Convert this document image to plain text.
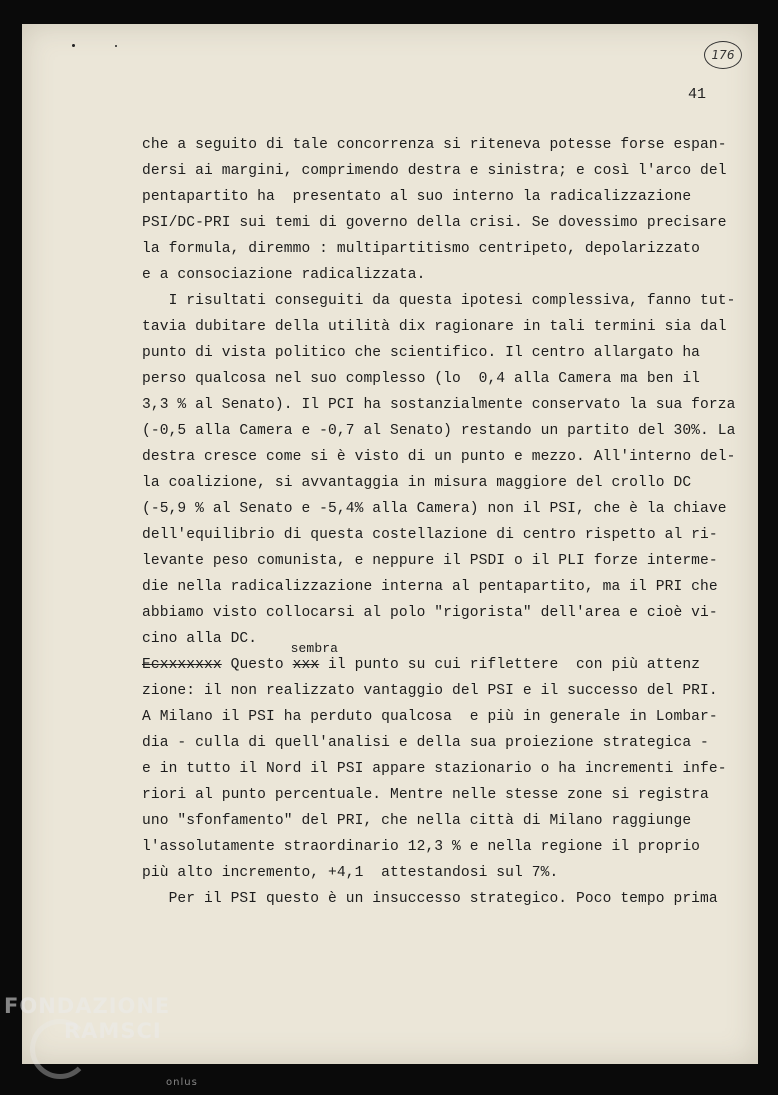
176
41
che a seguito di tale concorrenza si riteneva potesse forse espan-
dersi ai margini, comprimendo destra e sinistra; e così l'arco del
pentapartito ha  presentato al suo interno la radicalizzazione
PSI/DC-PRI sui temi di governo della crisi. Se dovessimo precisare
la formula, diremmo : multipartitismo centripeto, depolarizzato
e a consociazione radicalizzata.
I risultati conseguiti da questa ipotesi complessiva, fanno tut-
tavia dubitare della utilità dix ragionare in tali termini sia dal
punto di vista politico che scientifico. Il centro allargato ha
perso qualcosa nel suo complesso (lo  0,4 alla Camera ma ben il
3,3 % al Senato). Il PCI ha sostanzialmente conservato la sua forza
(-0,5 alla Camera e -0,7 al Senato) restando un partito del 30%. La
destra cresce come si è visto di un punto e mezzo. All'interno del-
la coalizione, si avvantaggia in misura maggiore del crollo DC
(-5,9 % al Senato e -5,4% alla Camera) non il PSI, che è la chiave
dell'equilibrio di questa costellazione di centro rispetto al ri-
levante peso comunista, e neppure il PSDI o il PLI forze interme-
die nella radicalizzazione interna al pentapartito, ma il PRI che
abbiamo visto collocarsi al polo "rigorista" dell'area e cioè vi-
cino alla DC.
Ecxxxxxxx Questo
sembra
xxx il punto su cui riflettere  con più attenz
zione: il non realizzato vantaggio del PSI e il successo del PRI.
A Milano il PSI ha perduto qualcosa  e più in generale in Lombar-
dia - culla di quell'analisi e della sua proiezione strategica -
e in tutto il Nord il PSI appare stazionario o ha incrementi infe-
riori al punto percentuale. Mentre nelle stesse zone si registra
uno "sfonfamento" del PRI, che nella città di Milano raggiunge
l'assolutamente straordinario 12,3 % e nella regione il proprio
più alto incremento, +4,1  attestandosi sul 7%.
Per il PSI questo è un insuccesso strategico. Poco tempo prima
FONDAZIONE
RAMSCI
onlus
